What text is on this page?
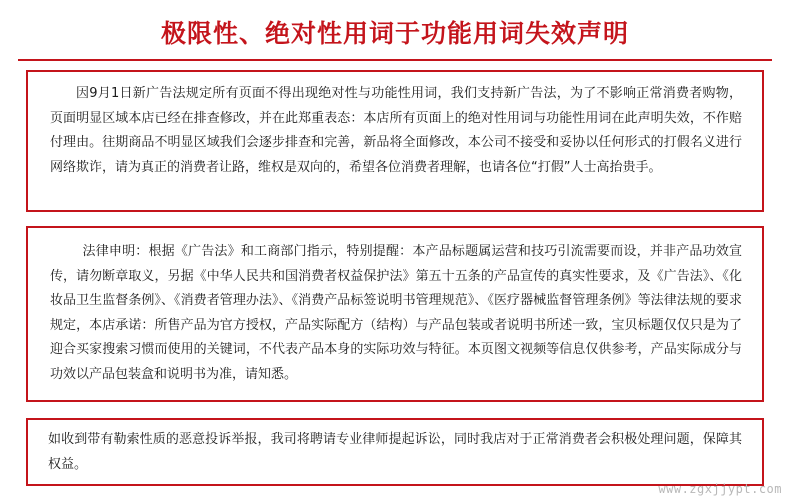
极限性、绝对性用词于功能用词失效声明

因9月1日新广告法规定所有页面不得出现绝对性与功能性用词，我们支持新广告法，为了不影响正常消费者购物，页面明显区域本店已经在排查修改，并在此郑重表态：本店所有页面上的绝对性用词与功能性用词在此声明失效，不作赔付理由。往期商品不明显区域我们会逐步排查和完善，新品将全面修改，本公司不接受和妥协以任何形式的打假名义进行网络欺诈，请为真正的消费者让路，维权是双向的，希望各位消费者理解，也请各位“打假”人士高抬贵手。

法律申明：根据《广告法》和工商部门指示，特别提醒：本产品标题属运营和技巧引流需要而设，并非产品功效宣传，请勿断章取义，另据《中华人民共和国消费者权益保护法》第五十五条的产品宣传的真实性要求，及《广告法》、《化妆品卫生监督条例》、《消费者管理办法》、《消费产品标签说明书管理规范》、《医疗器械监督管理条例》等法律法规的要求规定，本店承诺：所售产品为官方授权，产品实际配方（结构）与产品包装或者说明书所述一致，宝贝标题仅仅只是为了迎合买家搜索习惯而使用的关键词，不代表产品本身的实际功效与特征。本页图文视频等信息仅供参考，产品实际成分与功效以产品包装盒和说明书为准，请知悉。

如收到带有勒索性质的恶意投诉举报，我司将聘请专业律师提起诉讼，同时我店对于正常消费者会积极处理问题，保障其权益。

www.zgxjjypt.com
